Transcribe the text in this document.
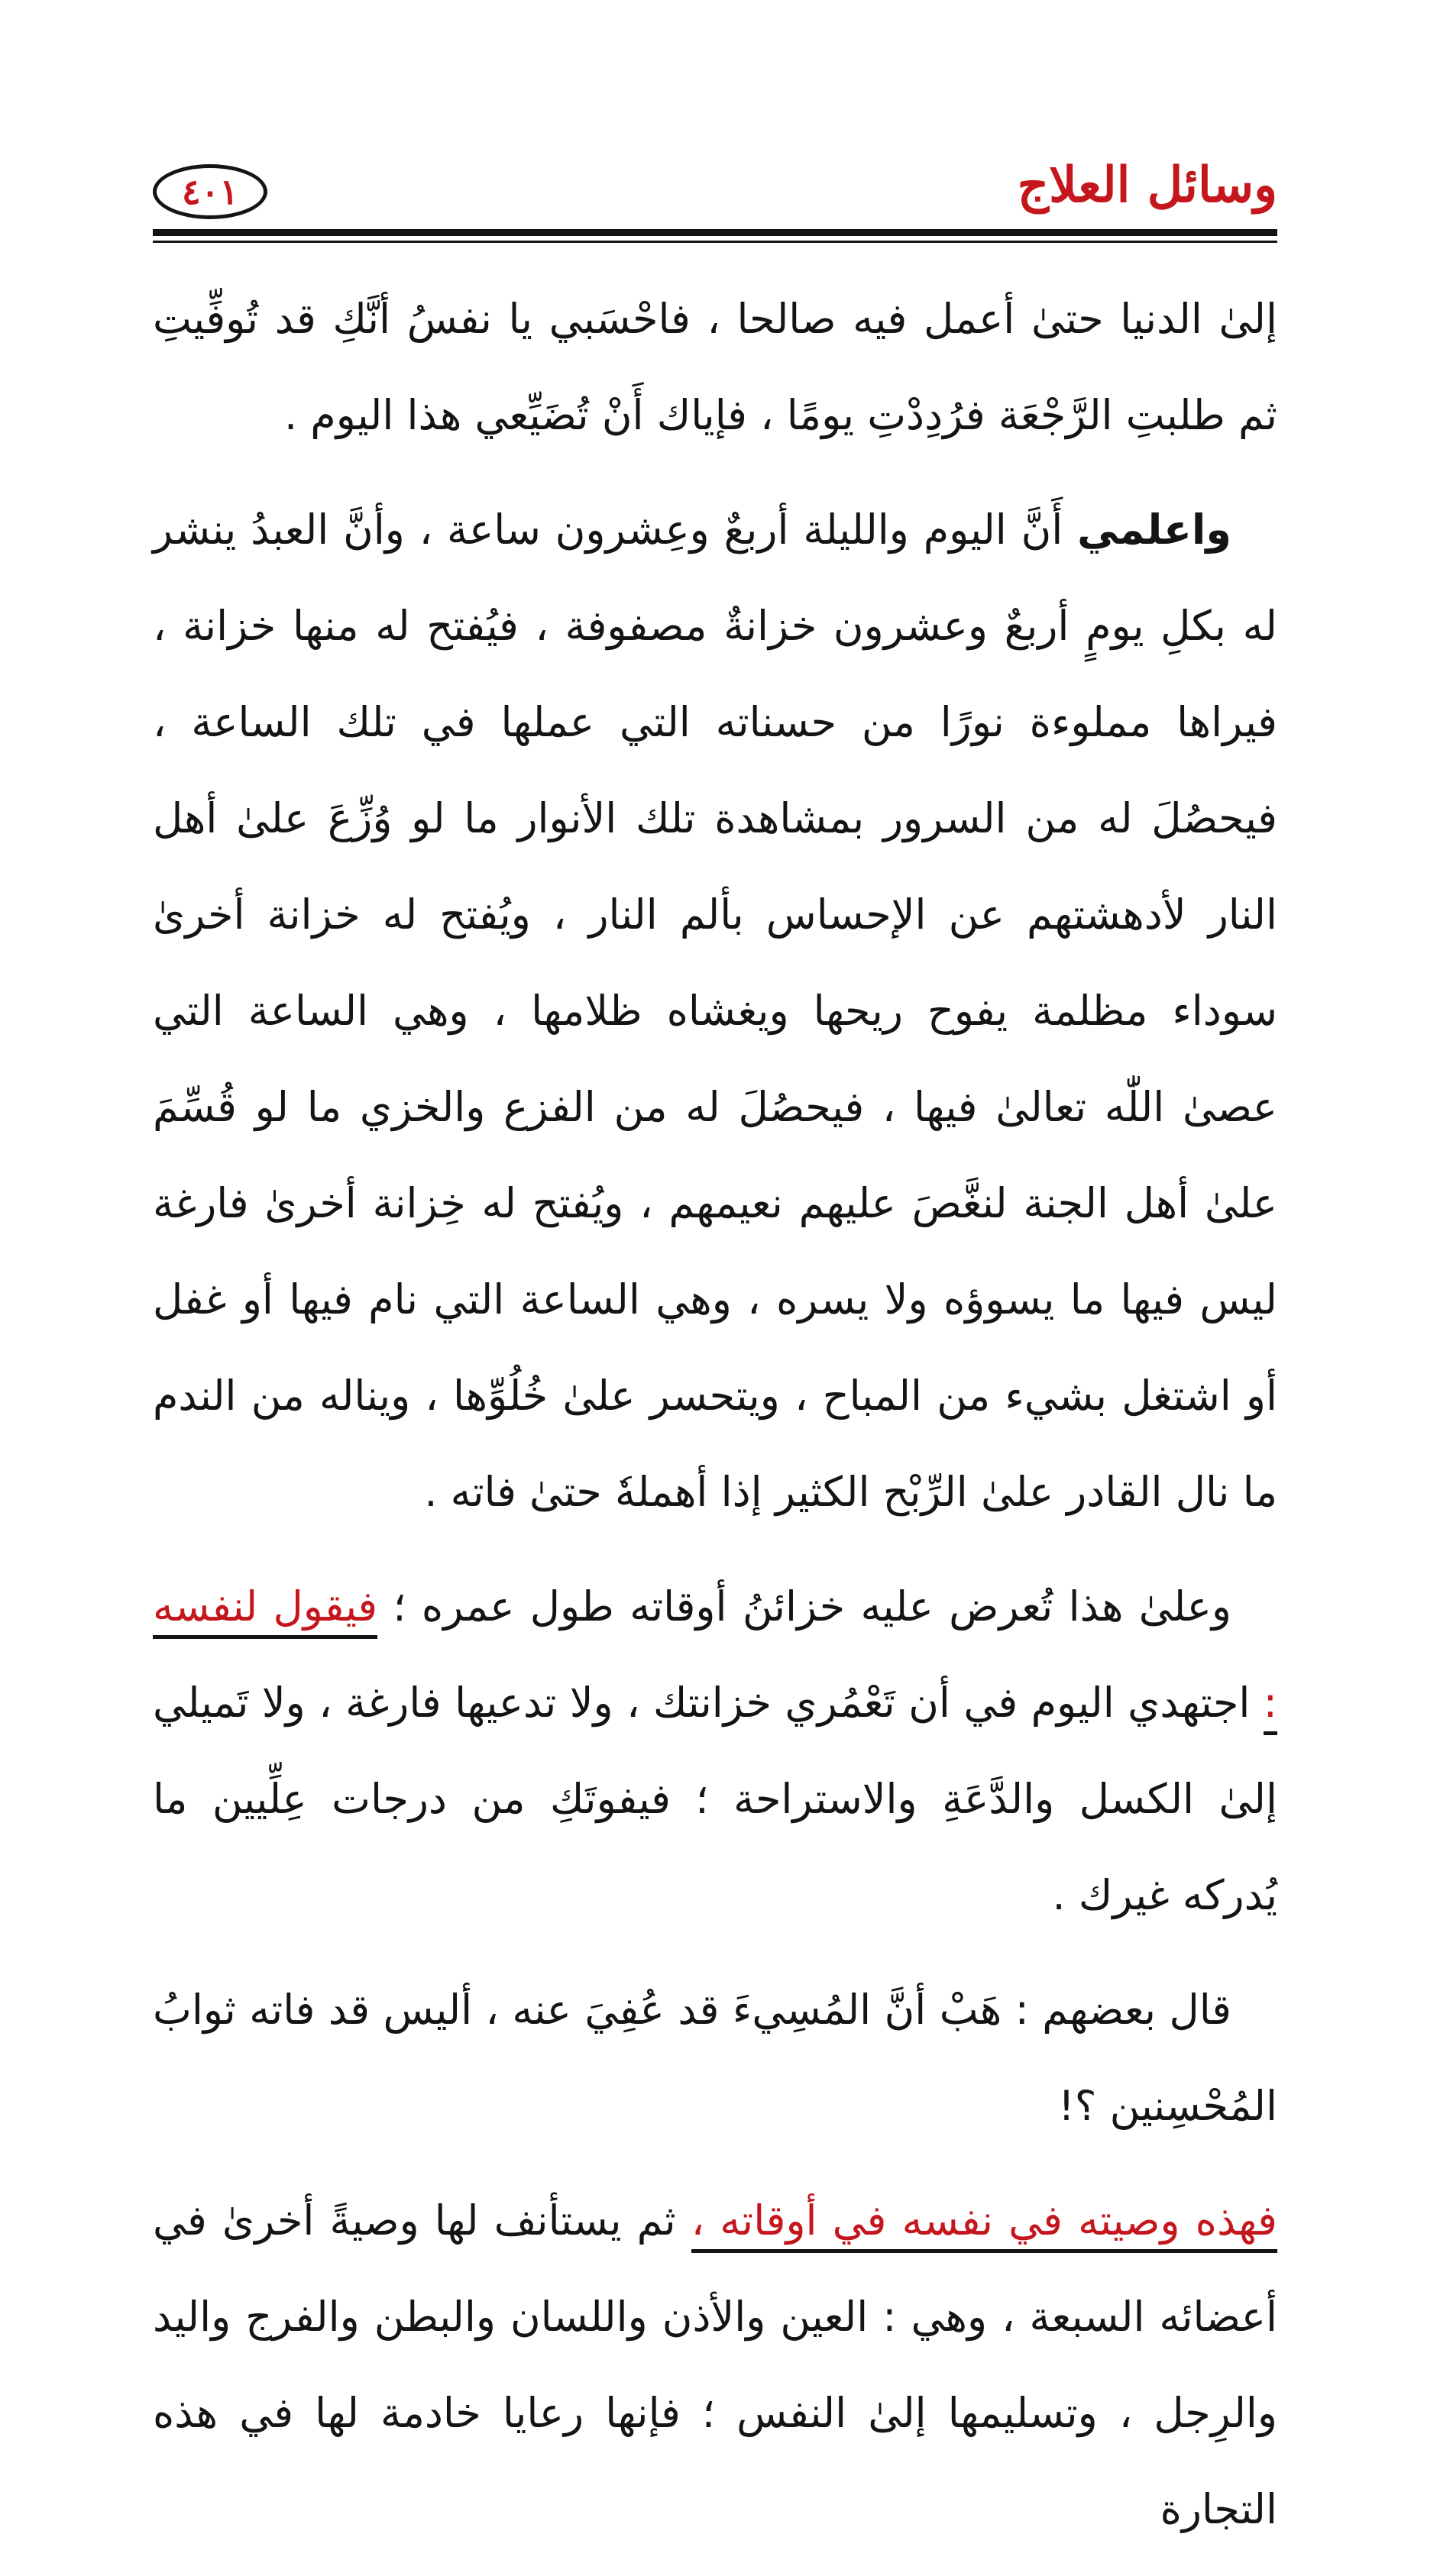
وسائل العلاج
٤٠١

إلىٰ الدنيا حتىٰ أعمل فيه صالحا ، فاحْسَبي يا نفسُ أنَّكِ قد تُوفِّيتِ ثم طلبتِ الرَّجْعَة فرُدِدْتِ يومًا ، فإياك أَنْ تُضَيِّعي هذا اليوم .

واعلمي أَنَّ اليوم والليلة أربعٌ وعِشرون ساعة ، وأنَّ العبدُ ينشر له بكلِ يومٍ أربعٌ وعشرون خزانةٌ مصفوفة ، فيُفتح له منها خزانة ، فيراها مملوءة نورًا من حسناته التي عملها في تلك الساعة ، فيحصُلَ له من السرور بمشاهدة تلك الأنوار ما لو وُزِّعَ علىٰ أهل النار لأدهشتهم عن الإحساس بألم النار ، ويُفتح له خزانة أخرىٰ سوداء مظلمة يفوح ريحها ويغشاه ظلامها ، وهي الساعة التي عصىٰ اللّٰه تعالىٰ فيها ، فيحصُلَ له من الفزع والخزي ما لو قُسِّمَ علىٰ أهل الجنة لنغَّصَ عليهم نعيمهم ، ويُفتح له خِزانة أخرىٰ فارغة ليس فيها ما يسوؤه ولا يسره ، وهي الساعة التي نام فيها أو غفل أو اشتغل بشيء من المباح ، ويتحسر علىٰ خُلُوِّها ، ويناله من الندم ما نال القادر علىٰ الرِّبْح الكثير إذا أهملهٗ حتىٰ فاته .

وعلىٰ هذا تُعرض عليه خزائنُ أوقاته طول عمره ؛ فيقول لنفسه : اجتهدي اليوم في أن تَعْمُري خزانتك ، ولا تدعيها فارغة ، ولا تَميلي إلىٰ الكسل والدَّعَةِ والاستراحة ؛ فيفوتَكِ من درجات عِلِّيين ما يُدركه غيرك .

قال بعضهم : هَبْ أنَّ المُسِيءَ قد عُفِيَ عنه ، أليس قد فاته ثوابُ المُحْسِنين ؟!

فهذه وصيته في نفسه في أوقاته ، ثم يستأنف لها وصيةً أخرىٰ في أعضائه السبعة ، وهي : العين والأذن واللسان والبطن والفرج واليد والرِجل ، وتسليمها إلىٰ النفس ؛ فإنها رعايا خادمة لها في هذه التجارة
